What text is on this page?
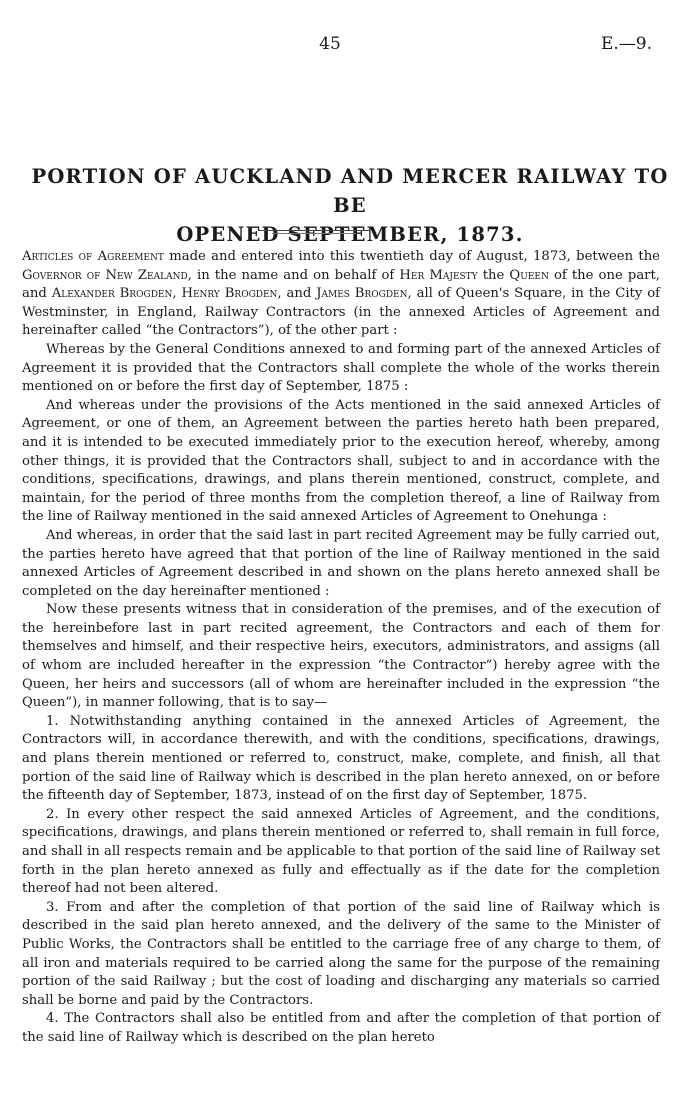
45	E.—9.
PORTION OF AUCKLAND AND MERCER RAILWAY TO BE
OPENED SEPTEMBER, 1873.

Articles of Agreement made and entered into this twentieth day of August, 1873, between the Governor of New Zealand, in the name and on behalf of Her Majesty the Queen of the one part, and Alexander Brogden, Henry Brogden, and James Brogden, all of Queen's Square, in the City of Westminster, in England, Railway Contractors (in the annexed Articles of Agreement and hereinafter called “the Contractors”), of the other part :

Whereas by the General Conditions annexed to and forming part of the annexed Articles of Agreement it is provided that the Contractors shall complete the whole of the works therein mentioned on or before the first day of September, 1875 :

And whereas under the provisions of the Acts mentioned in the said annexed Articles of Agreement, or one of them, an Agreement between the parties hereto hath been prepared, and it is intended to be executed immediately prior to the execution hereof, whereby, among other things, it is provided that the Contractors shall, subject to and in accordance with the conditions, specifications, drawings, and plans therein mentioned, construct, complete, and maintain, for the period of three months from the completion thereof, a line of Railway from the line of Railway mentioned in the said annexed Articles of Agreement to Onehunga :

And whereas, in order that the said last in part recited Agreement may be fully carried out, the parties hereto have agreed that that portion of the line of Railway mentioned in the said annexed Articles of Agreement described in and shown on the plans hereto annexed shall be completed on the day hereinafter mentioned :

Now these presents witness that in consideration of the premises, and of the execution of the hereinbefore last in part recited agreement, the Contractors and each of them for themselves and himself, and their respective heirs, executors, administrators, and assigns (all of whom are included hereafter in the expression “the Contractor”) hereby agree with the Queen, her heirs and successors (all of whom are hereinafter included in the expression “the Queen”), in manner following, that is to say—

1. Notwithstanding anything contained in the annexed Articles of Agreement, the Contractors will, in accordance therewith, and with the conditions, specifications, drawings, and plans therein mentioned or referred to, construct, make, complete, and finish, all that portion of the said line of Railway which is described in the plan hereto annexed, on or before the fifteenth day of September, 1873, instead of on the first day of September, 1875.

2. In every other respect the said annexed Articles of Agreement, and the conditions, specifications, drawings, and plans therein mentioned or referred to, shall remain in full force, and shall in all respects remain and be applicable to that portion of the said line of Railway set forth in the plan hereto annexed as fully and effectually as if the date for the completion thereof had not been altered.

3. From and after the completion of that portion of the said line of Railway which is described in the said plan hereto annexed, and the delivery of the same to the Minister of Public Works, the Contractors shall be entitled to the carriage free of any charge to them, of all iron and materials required to be carried along the same for the purpose of the remaining portion of the said Railway ; but the cost of loading and discharging any materials so carried shall be borne and paid by the Contractors.

4. The Contractors shall also be entitled from and after the completion of that portion of the said line of Railway which is described on the plan hereto
